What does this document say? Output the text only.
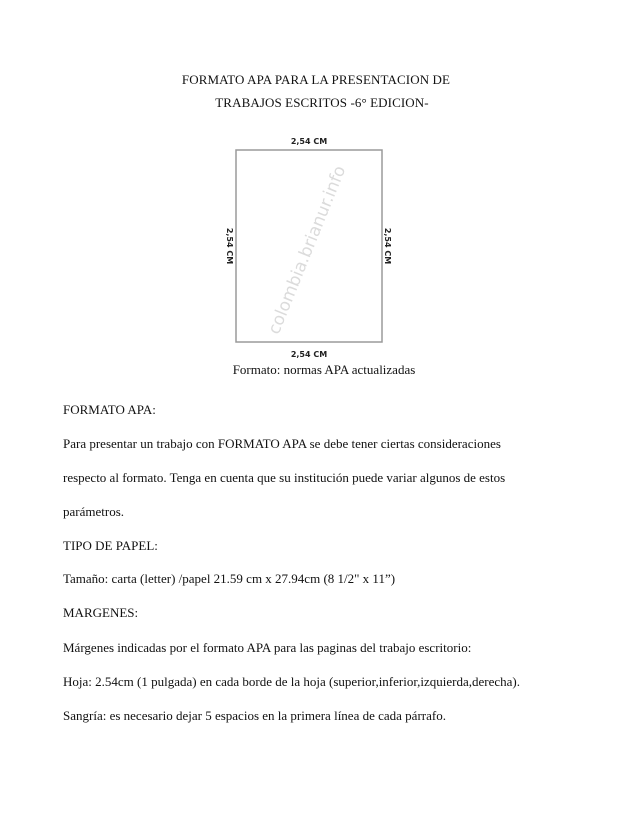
FORMATO APA PARA LA PRESENTACION DE
TRABAJOS ESCRITOS -6° EDICION-
colombia.brianur.info
2,54 CM
2,54 CM
2,54 CM	2,54 CM
Formato: normas APA actualizadas
FORMATO APA:
Para presentar un trabajo con FORMATO APA se debe tener ciertas consideraciones
respecto al formato. Tenga en cuenta que su institución puede variar algunos de estos
parámetros.
TIPO DE PAPEL:
Tamaño: carta (letter) /papel 21.59 cm x 27.94cm (8 1/2" x 11”)
MARGENES:
Márgenes indicadas por el formato APA para las paginas del trabajo escritorio:
Hoja: 2.54cm (1 pulgada) en cada borde de la hoja (superior,inferior,izquierda,derecha).
Sangría: es necesario dejar 5 espacios en la primera línea de cada párrafo.
